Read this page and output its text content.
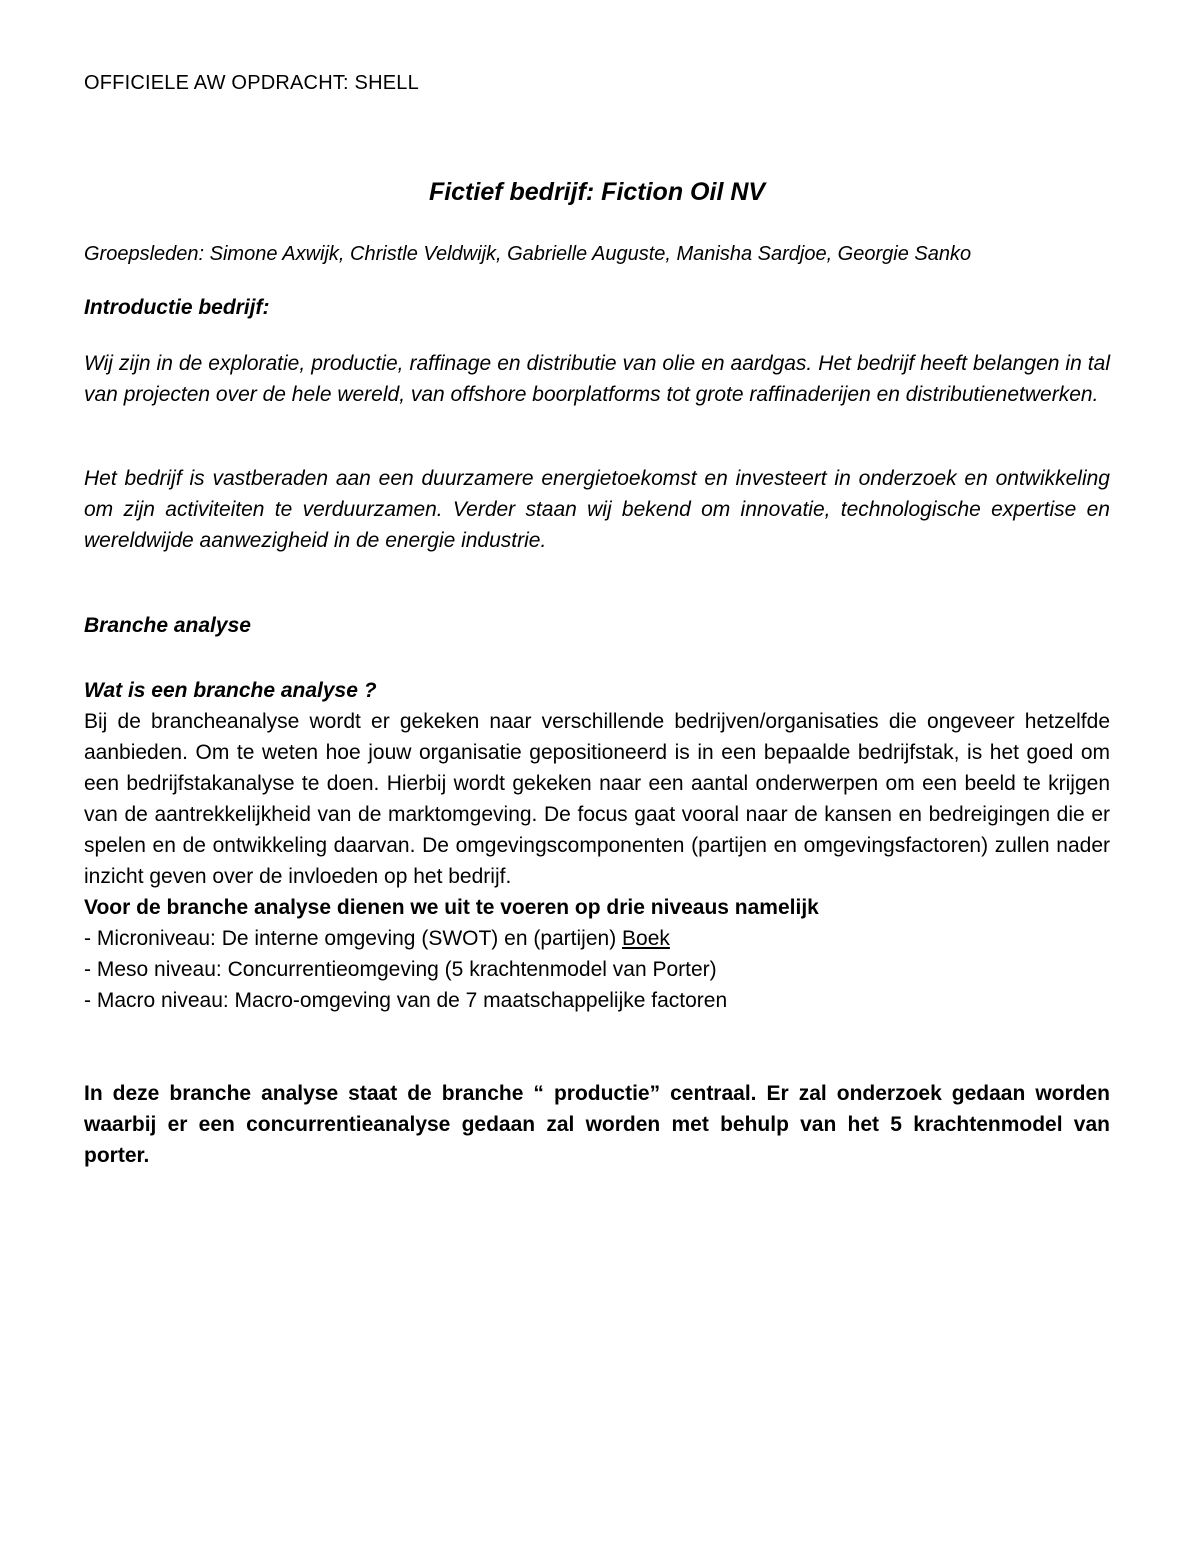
OFFICIELE AW OPDRACHT: SHELL
Fictief bedrijf: Fiction Oil NV
Groepsleden: Simone Axwijk, Christle Veldwijk, Gabrielle Auguste, Manisha Sardjoe, Georgie Sanko
Introductie bedrijf:

Wij zijn in de exploratie, productie, raffinage en distributie van olie en aardgas. Het bedrijf heeft belangen in tal van projecten over de hele wereld, van offshore boorplatforms tot grote raffinaderijen en distributienetwerken.

Het bedrijf is vastberaden aan een duurzamere energietoekomst en investeert in onderzoek en ontwikkeling om zijn activiteiten te verduurzamen. Verder staan wij bekend om innovatie, technologische expertise en wereldwijde aanwezigheid in de energie industrie.

Branche analyse
Wat is een branche analyse ?

Bij de brancheanalyse wordt er gekeken naar verschillende bedrijven/organisaties die ongeveer hetzelfde aanbieden. Om te weten hoe jouw organisatie gepositioneerd is in een bepaalde bedrijfstak, is het goed om een bedrijfstakanalyse te doen. Hierbij wordt gekeken naar een aantal onderwerpen om een beeld te krijgen van de aantrekkelijkheid van de marktomgeving. De focus gaat vooral naar de kansen en bedreigingen die er spelen en de ontwikkeling daarvan. De omgevingscomponenten (partijen en omgevingsfactoren) zullen nader inzicht geven over de invloeden op het bedrijf.

Voor de branche analyse dienen we uit te voeren op drie niveaus namelijk
- Microniveau: De interne omgeving (SWOT) en (partijen) Boek
- Meso niveau: Concurrentieomgeving (5 krachtenmodel van Porter)
- Macro niveau: Macro-omgeving van de 7 maatschappelijke factoren

In deze branche analyse staat de branche “ productie” centraal. Er zal onderzoek gedaan worden waarbij er een concurrentieanalyse gedaan zal worden met behulp van het 5 krachtenmodel van porter.
